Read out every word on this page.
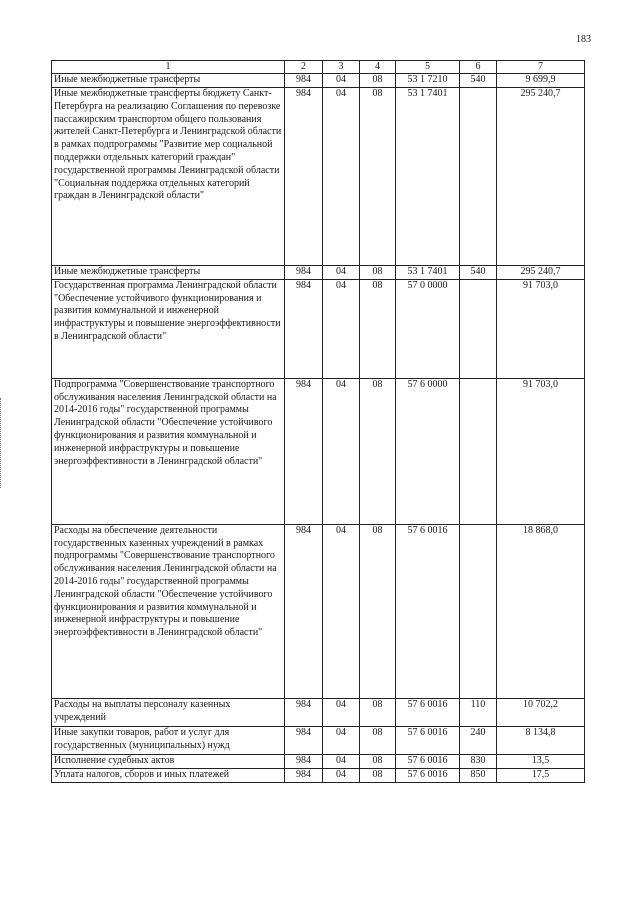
183
1	2	3	4	5	6	7
Иные межбюджетные трансферты	984	04	08	53 1 7210	540	9 699,9
Иные межбюджетные трансферты бюджету Санкт-Петербурга на реализацию Соглашения по перевозке пассажирским транспортом общего пользования жителей Санкт-Петербурга и Ленинградской области в рамках подпрограммы "Развитие мер социальной поддержки отдельных категорий граждан" государственной программы Ленинградской области "Социальная поддержка отдельных категорий граждан в Ленинградской области"	984	04	08	53 1 7401		295 240,7
Иные межбюджетные трансферты	984	04	08	53 1 7401	540	295 240,7
Государственная программа Ленинградской области "Обеспечение устойчивого функционирования и развития коммунальной и инженерной инфраструктуры и повышение энергоэффективности в Ленинградской области"	984	04	08	57 0 0000		91 703,0
Подпрограмма "Совершенствование транспортного обслуживания населения Ленинградской области на 2014-2016 годы" государственной программы Ленинградской области "Обеспечение устойчивого функционирования и развития коммунальной и инженерной инфраструктуры и повышение энергоэффективности в Ленинградской области"	984	04	08	57 6 0000		91 703,0
Расходы на обеспечение деятельности государственных казенных учреждений в рамках подпрограммы "Совершенствование транспортного обслуживания населения Ленинградской области на 2014-2016 годы" государственной программы Ленинградской области "Обеспечение устойчивого функционирования и развития коммунальной и инженерной инфраструктуры и повышение энергоэффективности в Ленинградской области"	984	04	08	57 6 0016		18 868,0
Расходы на выплаты персоналу казенных учреждений	984	04	08	57 6 0016	110	10 702,2
Иные закупки товаров, работ и услуг для государственных (муниципальных) нужд	984	04	08	57 6 0016	240	8 134,8
Исполнение судебных актов	984	04	08	57 6 0016	830	13,5
Уплата налогов, сборов и иных платежей	984	04	08	57 6 0016	850	17,5
